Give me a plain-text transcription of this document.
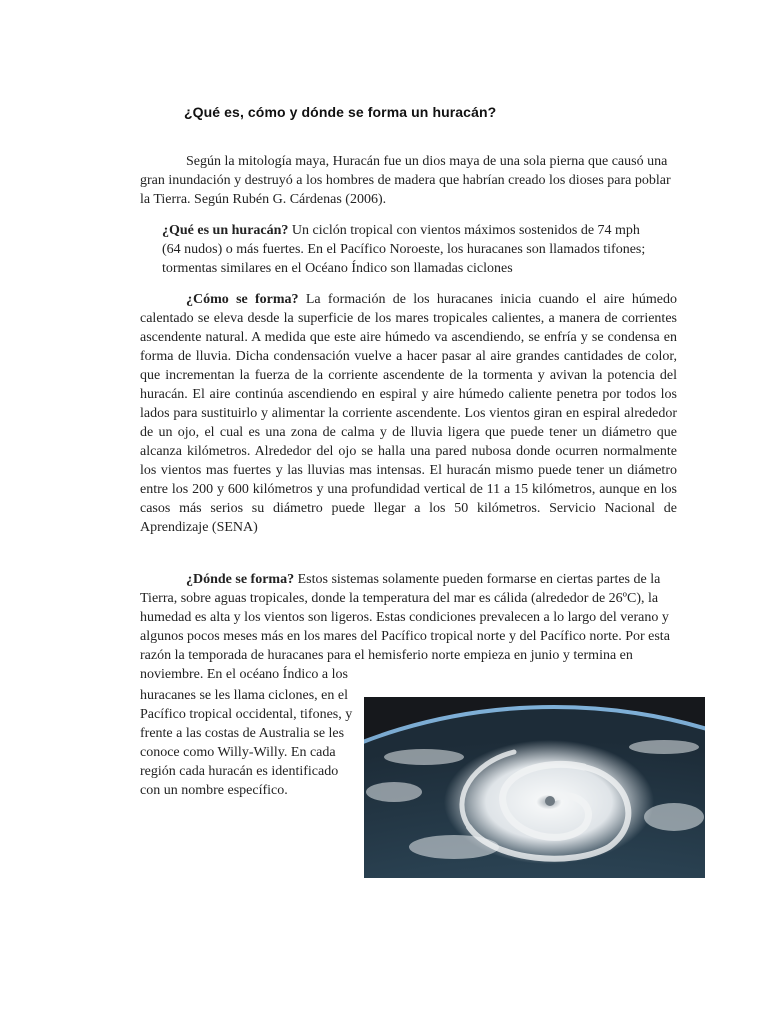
¿Qué es, cómo y dónde se forma un huracán?

Según la mitología maya, Huracán fue un dios maya de una sola pierna que causó una gran inundación y destruyó a los hombres de madera que habrían creado los dioses para poblar la Tierra. Según Rubén G. Cárdenas (2006).

¿Qué es un huracán? Un ciclón tropical con vientos máximos sostenidos de 74 mph (64 nudos) o más fuertes. En el Pacífico Noroeste, los huracanes son llamados tifones; tormentas similares en el Océano Índico son llamadas ciclones

¿Cómo se forma? La formación de los huracanes inicia cuando el aire húmedo calentado se eleva desde la superficie de los mares tropicales calientes, a manera de corrientes ascendente natural. A medida que este aire húmedo va ascendiendo, se enfría y se condensa en forma de lluvia. Dicha condensación vuelve a hacer pasar al aire grandes cantidades de color, que incrementan la fuerza de la corriente ascendente de la tormenta y avivan la potencia del huracán. El aire continúa ascendiendo en espiral y aire húmedo caliente penetra por todos los lados para sustituirlo y alimentar la corriente ascendente. Los vientos giran en espiral alrededor de un ojo, el cual es una zona de calma y de lluvia ligera que puede tener un diámetro que alcanza kilómetros. Alrededor del ojo se halla una pared nubosa donde ocurren normalmente los vientos mas fuertes y las lluvias mas intensas. El huracán mismo puede tener un diámetro entre los 200 y 600 kilómetros y una profundidad vertical de 11 a 15 kilómetros, aunque en los casos más serios su diámetro puede llegar a los 50 kilómetros. Servicio Nacional de Aprendizaje (SENA)

¿Dónde se forma? Estos sistemas solamente pueden formarse en ciertas partes de la Tierra, sobre aguas tropicales, donde la temperatura del mar es cálida (alrededor de 26ºC), la humedad es alta y los vientos son ligeros. Estas condiciones prevalecen a lo largo del verano y algunos pocos meses más en los mares del Pacífico tropical norte y del Pacífico norte. Por esta razón la temporada de huracanes para el hemisferio norte empieza en junio y termina en noviembre. En el océano Índico a los

huracanes se les llama ciclones, en el Pacífico tropical occidental, tifones, y frente a las costas de Australia se les conoce como Willy-Willy. En cada región cada huracán es identificado con un nombre específico.
